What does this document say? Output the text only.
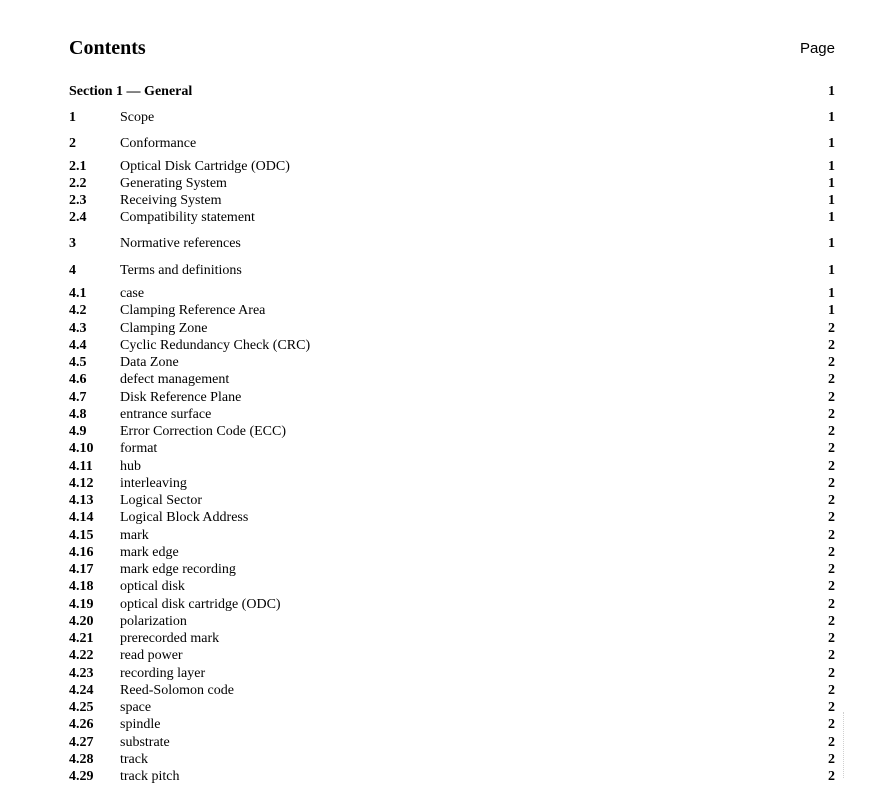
Contents	Page
Section 1 — General	1
1	Scope	1
2	Conformance	1
2.1 Optical Disk Cartridge (ODC)	1
2.2 Generating System	1
2.3 Receiving System	1
2.4 Compatibility statement	1
3	Normative references	1
4	Terms and definitions	1
4.1 case	1
4.2 Clamping Reference Area	1
4.3 Clamping Zone	2
4.4 Cyclic Redundancy Check (CRC)	2
4.5 Data Zone	2
4.6 defect management	2
4.7 Disk Reference Plane	2
4.8 entrance surface	2
4.9 Error Correction Code (ECC)	2
4.10 format	2
4.11 hub	2
4.12 interleaving	2
4.13 Logical Sector	2
4.14 Logical Block Address	2
4.15 mark	2
4.16 mark edge	2
4.17 mark edge recording	2
4.18 optical disk	2
4.19 optical disk cartridge (ODC)	2
4.20 polarization	2
4.21 prerecorded mark	2
4.22 read power	2
4.23 recording layer	2
4.24 Reed-Solomon code	2
4.25 space	2
4.26 spindle	2
4.27 substrate	2
4.28 track	2
4.29 track pitch	2
